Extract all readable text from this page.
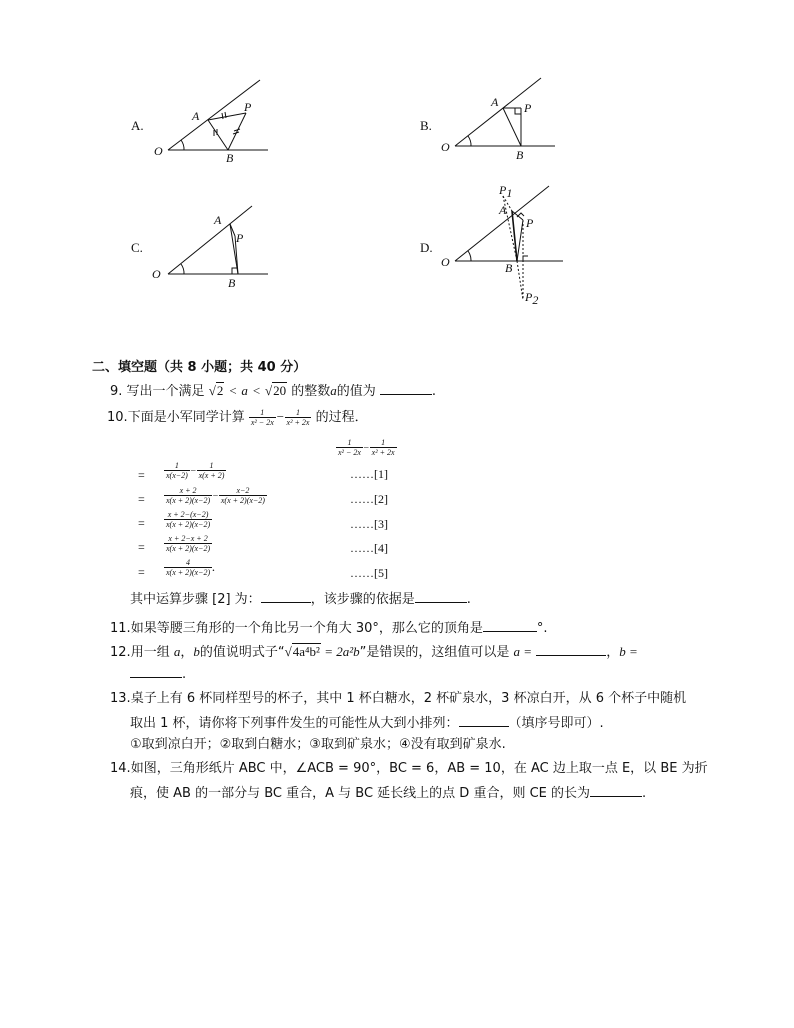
A.
O
A
P
B
B.
O
A P
B
C.
O
A
P
B
D.
O
A
P
B
P1
P2
二、填空题（共 8 小题；共 40 分）
9. 写出一个满足 √2 < a < √20 的整数a的值为	.
10.下面是小军同学计算 $\frac{1}{\text{x² − 2x}} - \frac{1}{\text{x² + 2x}}$ 的过程．
$\frac{1}{\text{x² − 2x}} - \frac{1}{\text{x² + 2x}}$
= $\frac{1}{x(x-2)} - \frac{1}{x(x + 2)}$	……[1]
= $\frac{x + 2}{x(x + 2)(x-2)} - \frac{x-2}{x(x + 2)(x-2)}$	……[2]
= $\frac{x + 2-(x-2)}{x(x + 2)(x-2)}$	……[3]
= $\frac{x + 2-x + 2}{x(x + 2)(x-2)}$	……[4]
= $\frac{4}{x(x + 2)(x-2)}$ .	……[5]
其中运算步骤 [2] 为：	，该步骤的依据是	.
11.如果等腰三角形的一个角比另一个角大 30°，那么它的顶角是	°.
12.用一组 a，b的值说明式子“√4a⁴b² = 2a²b”是错误的，这组值可以是 a =	，b =
.
13.桌子上有 6 杯同样型号的杯子，其中 1 杯白糖水，2 杯矿泉水，3 杯凉白开，从 6 个杯子中随机
取出 1 杯，请你将下列事件发生的可能性从大到小排列：	（填序号即可）.
①取到凉白开；②取到白糖水；③取到矿泉水；④没有取到矿泉水.
14.如图，三角形纸片 ABC 中，∠ACB = 90°，BC = 6，AB = 10，在 AC 边上取一点 E，以 BE 为折
痕，使 AB 的一部分与 BC 重合，A 与 BC 延长线上的点 D 重合，则 CE 的长为	.
